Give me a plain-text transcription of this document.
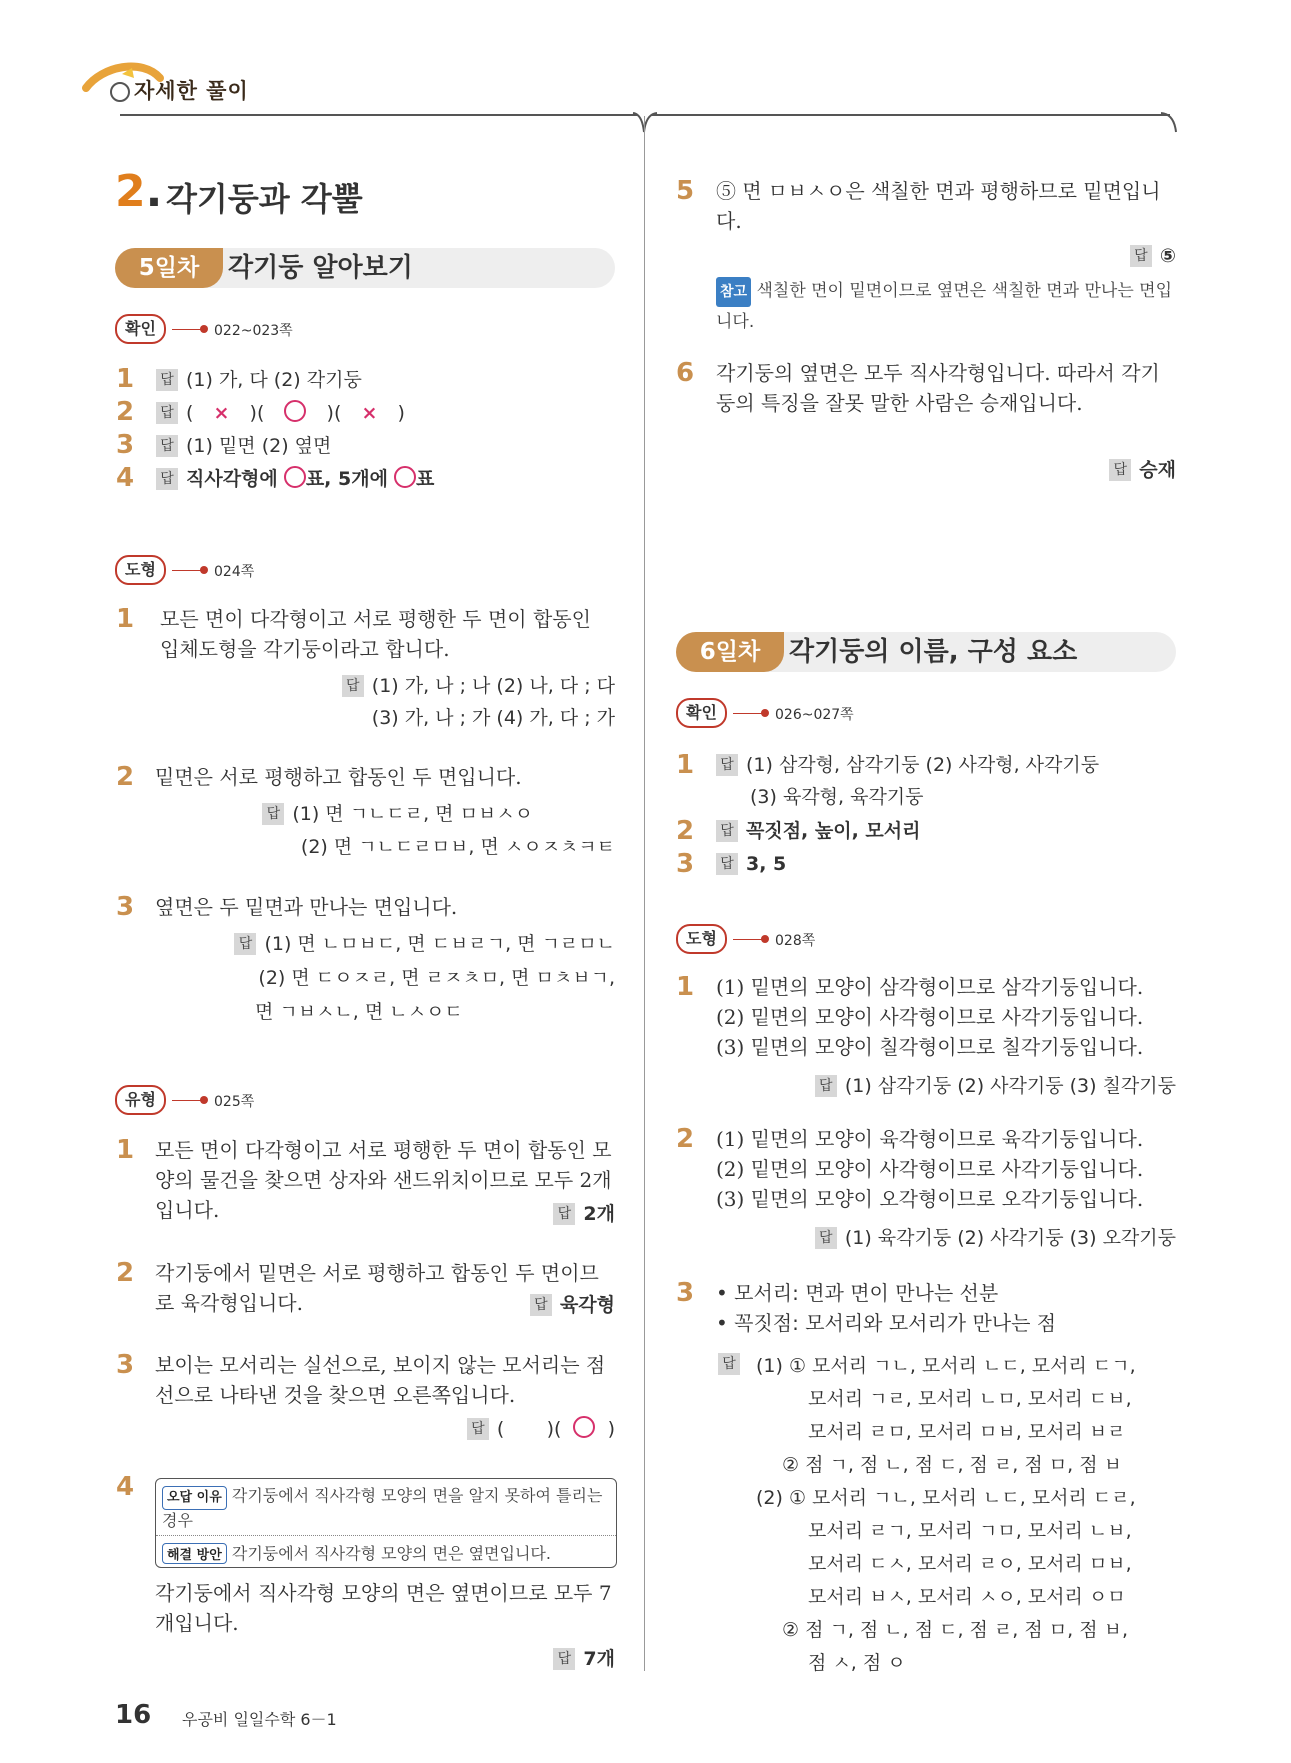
자세한 풀이
2. 각기둥과 각뿔
5일차	각기둥 알아보기
확인	022~023쪽
1	답 (1) 가, 다 (2) 각기둥
2	답 ( × )( ○ )( × )
3	답 (1) 밑면 (2) 옆면
4	답 직사각형에 ○표, 5개에 ○표
도형	024쪽
1 모든 면이 다각형이고 서로 평행한 두 면이 합동인 입체도형을 각기둥이라고 합니다.
답 (1) 가, 나 ; 나 (2) 나, 다 ; 다
(3) 가, 나 ; 가 (4) 가, 다 ; 가
2 밑면은 서로 평행하고 합동인 두 면입니다.
답 (1) 면 ㄱㄴㄷㄹ, 면 ㅁㅂㅅㅇ
(2) 면 ㄱㄴㄷㄹㅁㅂ, 면 ㅅㅇㅈㅊㅋㅌ
3 옆면은 두 밑면과 만나는 면입니다.
답 (1) 면 ㄴㅁㅂㄷ, 면 ㄷㅂㄹㄱ, 면 ㄱㄹㅁㄴ
(2) 면 ㄷㅇㅈㄹ, 면 ㄹㅈㅊㅁ, 면 ㅁㅊㅂㄱ,
면 ㄱㅂㅅㄴ, 면 ㄴㅅㅇㄷ
유형	025쪽
1 모든 면이 다각형이고 서로 평행한 두 면이 합동인 모양의 물건을 찾으면 상자와 샌드위치이므로 모두 2개입니다.	답 2개
2 각기둥에서 밑면은 서로 평행하고 합동인 두 면이므로 육각형입니다.	답 육각형
3 보이는 모서리는 실선으로, 보이지 않는 모서리는 점선으로 나타낸 것을 찾으면 오른쪽입니다.
답 ( )( ○ )
4	오답 이유 각기둥에서 직사각형 모양의 면을 알지 못하여 틀리는 경우
해결 방안 각기둥에서 직사각형 모양의 면은 옆면입니다.
각기둥에서 직사각형 모양의 면은 옆면이므로 모두 7개입니다.
답 7개
5 ⑤ 면 ㅁㅂㅅㅇ은 색칠한 면과 평행하므로 밑면입니다.
답 ⑤
참고 색칠한 면이 밑면이므로 옆면은 색칠한 면과 만나는 면입니다.
6 각기둥의 옆면은 모두 직사각형입니다. 따라서 각기둥의 특징을 잘못 말한 사람은 승재입니다.
답 승재
6일차	각기둥의 이름, 구성 요소
확인	026~027쪽
1	답 (1) 삼각형, 삼각기둥 (2) 사각형, 사각기둥
(3) 육각형, 육각기둥
2	답 꼭짓점, 높이, 모서리
3	답 3, 5
도형	028쪽
1 (1) 밑면의 모양이 삼각형이므로 삼각기둥입니다.
(2) 밑면의 모양이 사각형이므로 사각기둥입니다.
(3) 밑면의 모양이 칠각형이므로 칠각기둥입니다.
답 (1) 삼각기둥 (2) 사각기둥 (3) 칠각기둥
2 (1) 밑면의 모양이 육각형이므로 육각기둥입니다.
(2) 밑면의 모양이 사각형이므로 사각기둥입니다.
(3) 밑면의 모양이 오각형이므로 오각기둥입니다.
답 (1) 육각기둥 (2) 사각기둥 (3) 오각기둥
3 • 모서리: 면과 면이 만나는 선분
• 꼭짓점: 모서리와 모서리가 만나는 점
답	(1) ① 모서리 ㄱㄴ, 모서리 ㄴㄷ, 모서리 ㄷㄱ,
모서리 ㄱㄹ, 모서리 ㄴㅁ, 모서리 ㄷㅂ,
모서리 ㄹㅁ, 모서리 ㅁㅂ, 모서리 ㅂㄹ
② 점 ㄱ, 점 ㄴ, 점 ㄷ, 점 ㄹ, 점 ㅁ, 점 ㅂ
(2) ① 모서리 ㄱㄴ, 모서리 ㄴㄷ, 모서리 ㄷㄹ,
모서리 ㄹㄱ, 모서리 ㄱㅁ, 모서리 ㄴㅂ,
모서리 ㄷㅅ, 모서리 ㄹㅇ, 모서리 ㅁㅂ,
모서리 ㅂㅅ, 모서리 ㅅㅇ, 모서리 ㅇㅁ
② 점 ㄱ, 점 ㄴ, 점 ㄷ, 점 ㄹ, 점 ㅁ, 점 ㅂ,
점 ㅅ, 점 ㅇ
16 우공비 일일수학 6－1
